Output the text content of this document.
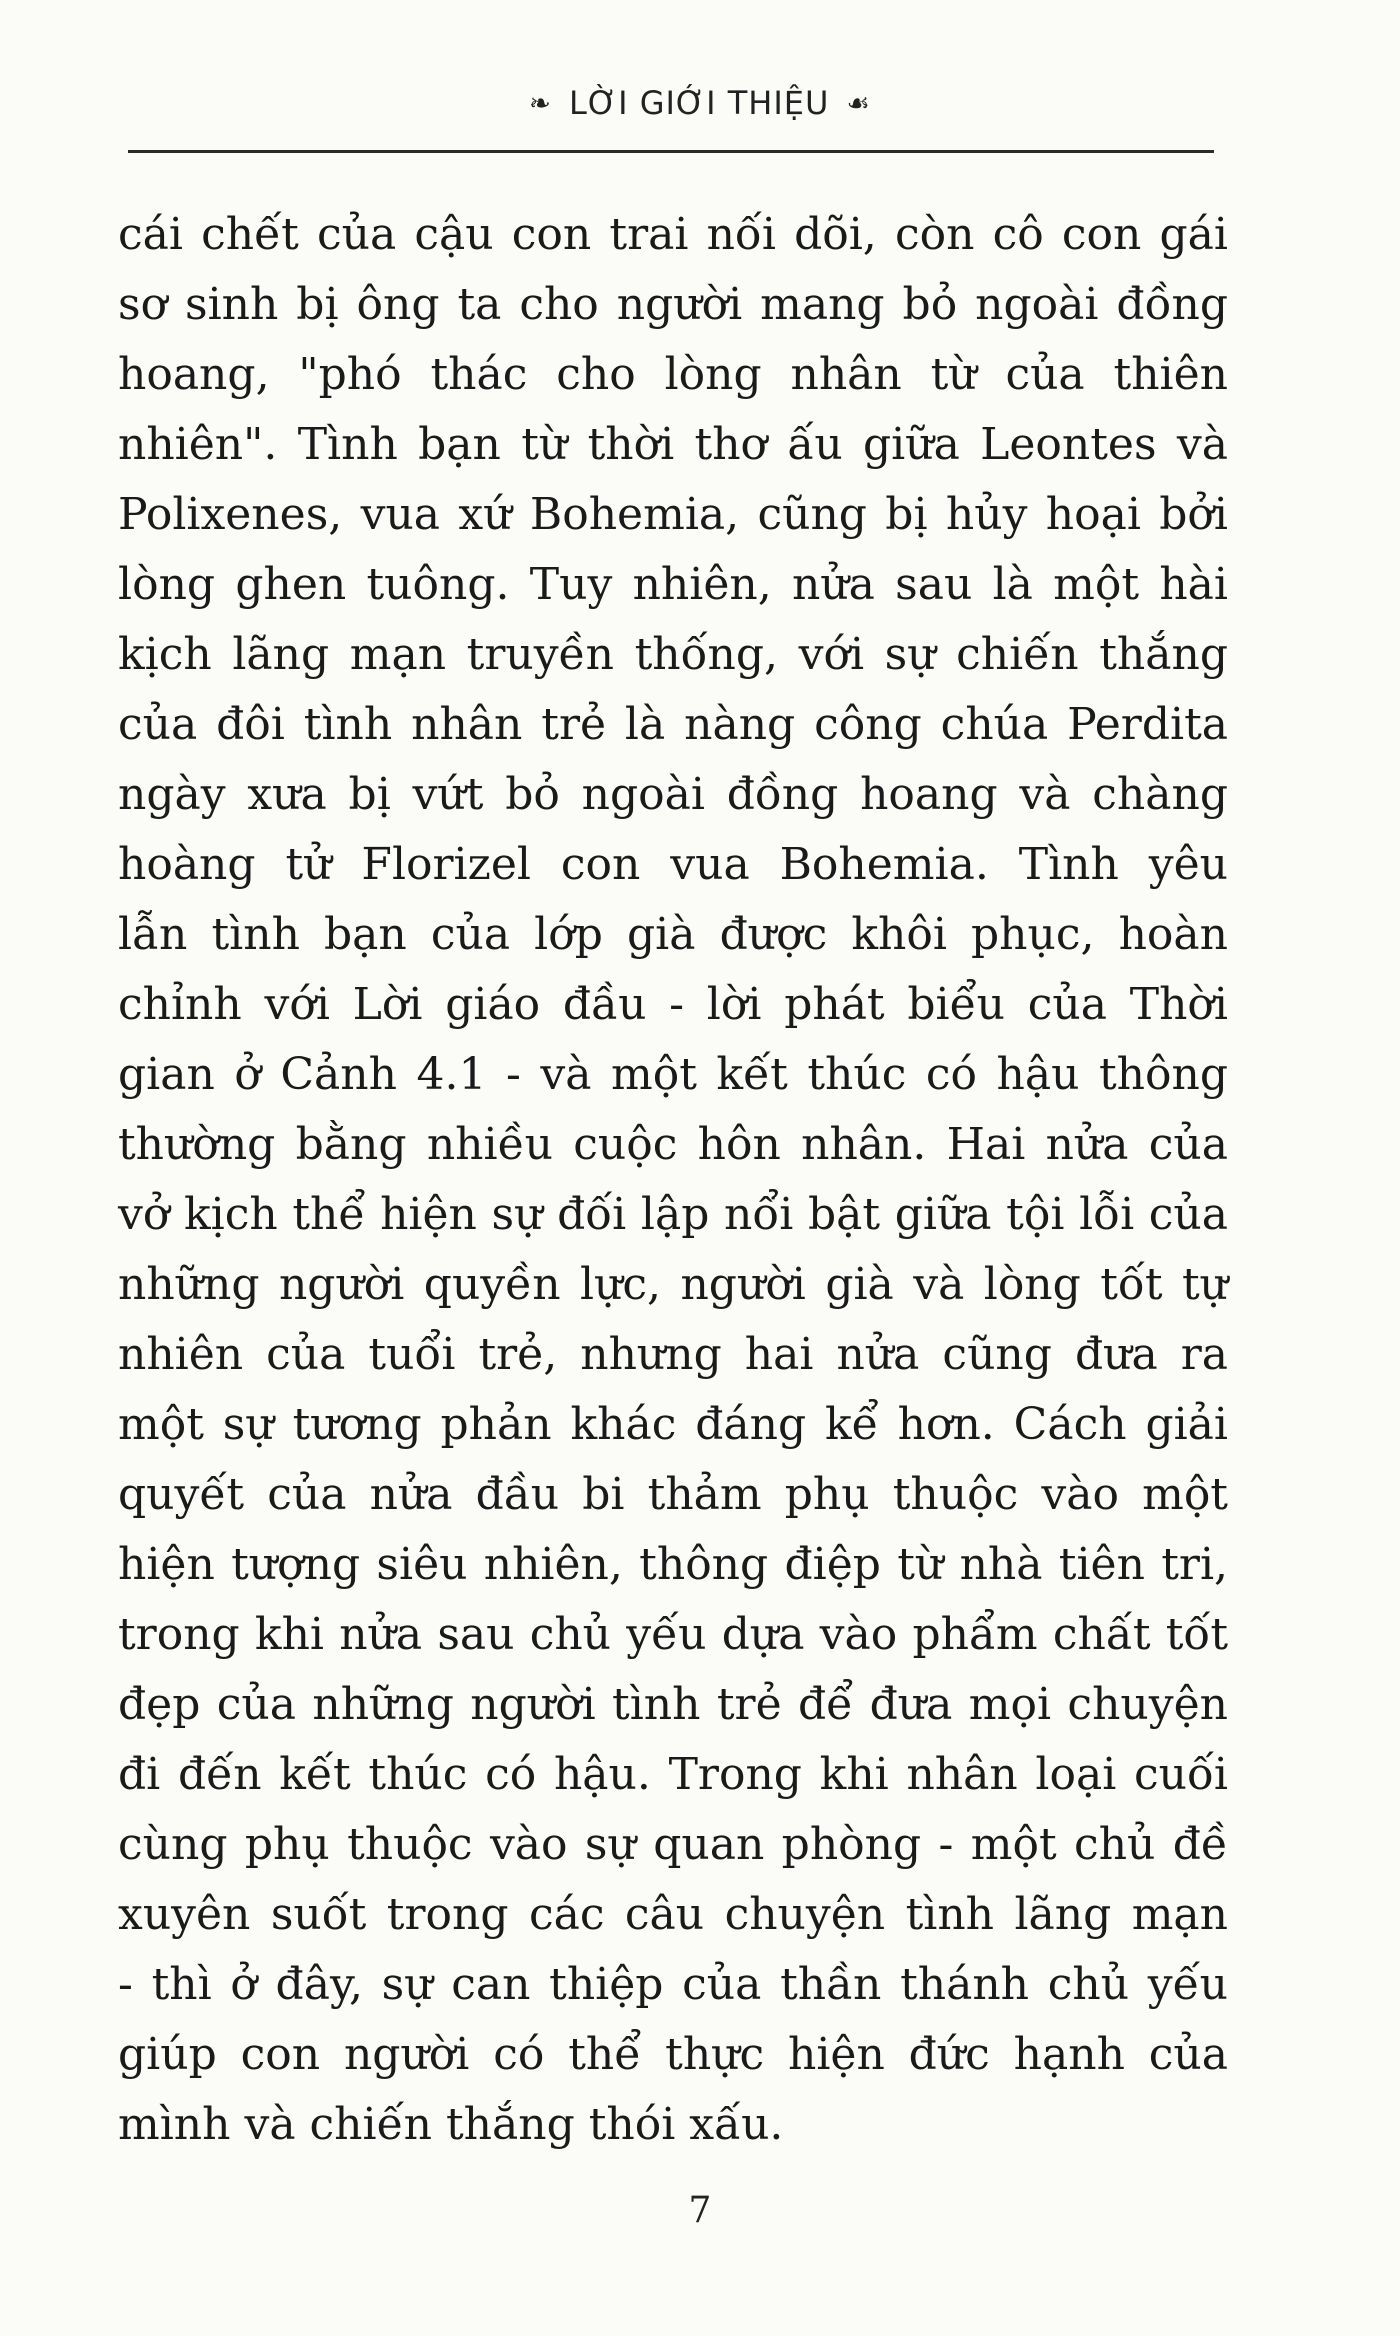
❧ LỜI GIỚI THIỆU ☙
cái chết của cậu con trai nối dõi, còn cô con gái
sơ sinh bị ông ta cho người mang bỏ ngoài đồng
hoang, "phó thác cho lòng nhân từ của thiên
nhiên". Tình bạn từ thời thơ ấu giữa Leontes và
Polixenes, vua xứ Bohemia, cũng bị hủy hoại bởi
lòng ghen tuông. Tuy nhiên, nửa sau là một hài
kịch lãng mạn truyền thống, với sự chiến thắng
của đôi tình nhân trẻ là nàng công chúa Perdita
ngày xưa bị vứt bỏ ngoài đồng hoang và chàng
hoàng tử Florizel con vua Bohemia. Tình yêu
lẫn tình bạn của lớp già được khôi phục, hoàn
chỉnh với Lời giáo đầu - lời phát biểu của Thời
gian ở Cảnh 4.1 - và một kết thúc có hậu thông
thường bằng nhiều cuộc hôn nhân. Hai nửa của
vở kịch thể hiện sự đối lập nổi bật giữa tội lỗi của
những người quyền lực, người già và lòng tốt tự
nhiên của tuổi trẻ, nhưng hai nửa cũng đưa ra
một sự tương phản khác đáng kể hơn. Cách giải
quyết của nửa đầu bi thảm phụ thuộc vào một
hiện tượng siêu nhiên, thông điệp từ nhà tiên tri,
trong khi nửa sau chủ yếu dựa vào phẩm chất tốt
đẹp của những người tình trẻ để đưa mọi chuyện
đi đến kết thúc có hậu. Trong khi nhân loại cuối
cùng phụ thuộc vào sự quan phòng - một chủ đề
xuyên suốt trong các câu chuyện tình lãng mạn
- thì ở đây, sự can thiệp của thần thánh chủ yếu
giúp con người có thể thực hiện đức hạnh của
mình và chiến thắng thói xấu.
7
